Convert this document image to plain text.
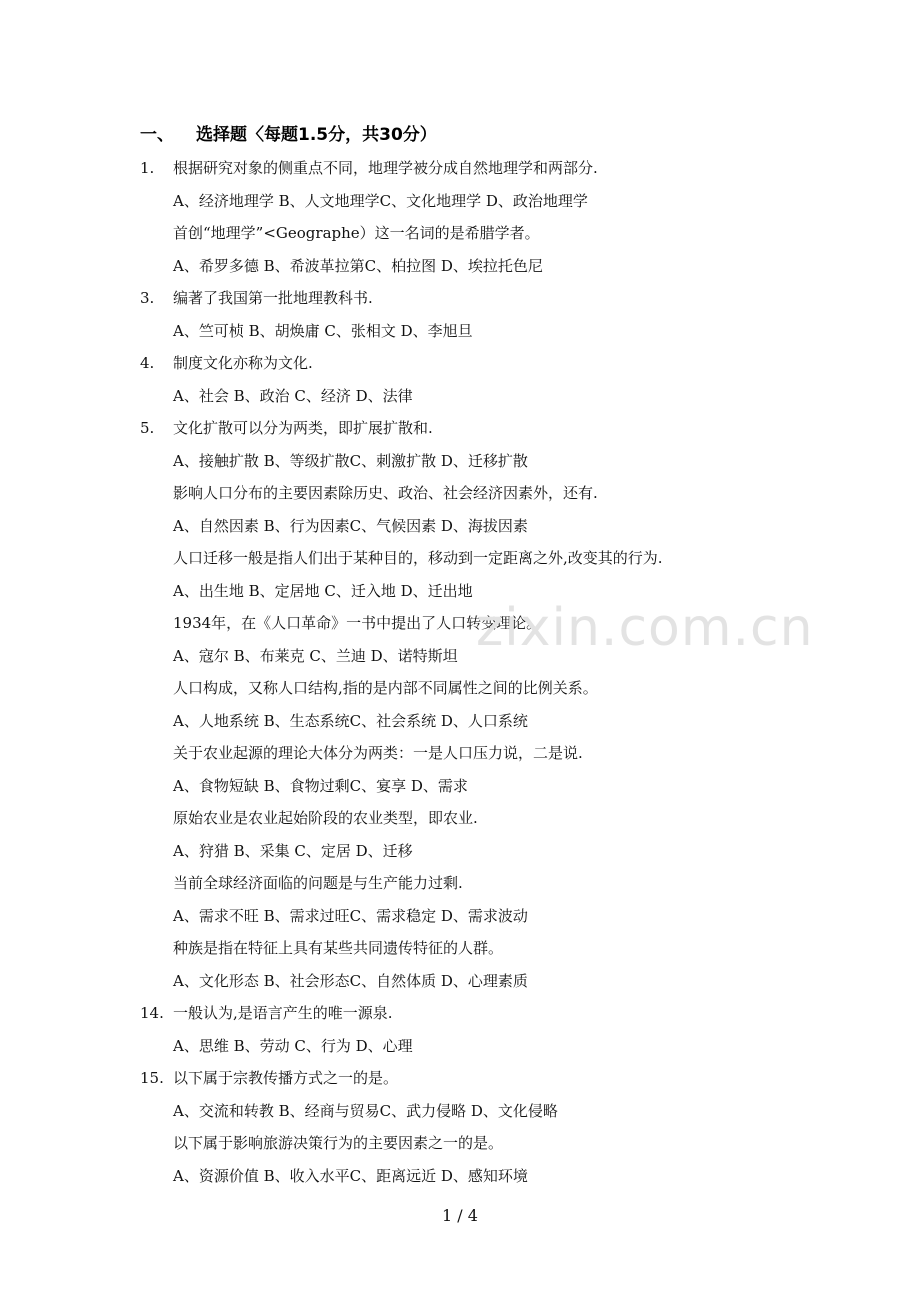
一、 选择题〈每题1.5分，共30分）
1.	根据研究对象的侧重点不同，地理学被分成自然地理学和两部分.
A、经济地理学 B、人文地理学C、文化地理学 D、政治地理学
首创“地理学”<Geographe）这一名词的是希腊学者。
A、希罗多德 B、希波革拉第C、柏拉图 D、埃拉托色尼
3.	编著了我国第一批地理教科书.
A、竺可桢 B、胡焕庸 C、张相文 D、李旭旦
4.	制度文化亦称为文化.
A、社会 B、政治 C、经济 D、法律
5.	文化扩散可以分为两类，即扩展扩散和.
A、接触扩散 B、等级扩散C、刺激扩散 D、迁移扩散
影响人口分布的主要因素除历史、政治、社会经济因素外，还有.
A、自然因素 B、行为因素C、气候因素 D、海拔因素
人口迁移一般是指人们出于某种目的，移动到一定距离之外,改变其的行为.
A、出生地 B、定居地 C、迁入地 D、迁出地
1934年，在《人口革命》一书中提出了人口转变理论。
A、寇尔 B、布莱克 C、兰迪 D、诺特斯坦
人口构成，又称人口结构,指的是内部不同属性之间的比例关系。
A、人地系统 B、生态系统C、社会系统 D、人口系统
关于农业起源的理论大体分为两类：一是人口压力说，二是说.
A、食物短缺 B、食物过剩C、宴享 D、需求
原始农业是农业起始阶段的农业类型，即农业.
A、狩猎 B、采集 C、定居 D、迁移
当前全球经济面临的问题是与生产能力过剩.
A、需求不旺 B、需求过旺C、需求稳定 D、需求波动
种族是指在特征上具有某些共同遗传特征的人群。
A、文化形态 B、社会形态C、自然体质 D、心理素质
14. 一般认为,是语言产生的唯一源泉.
A、思维 B、劳动 C、行为 D、心理
15. 以下属于宗教传播方式之一的是。
A、交流和转教 B、经商与贸易C、武力侵略 D、文化侵略
以下属于影响旅游决策行为的主要因素之一的是。
A、资源价值 B、收入水平C、距离远近 D、感知环境
zixin.com.cn
1 / 4
